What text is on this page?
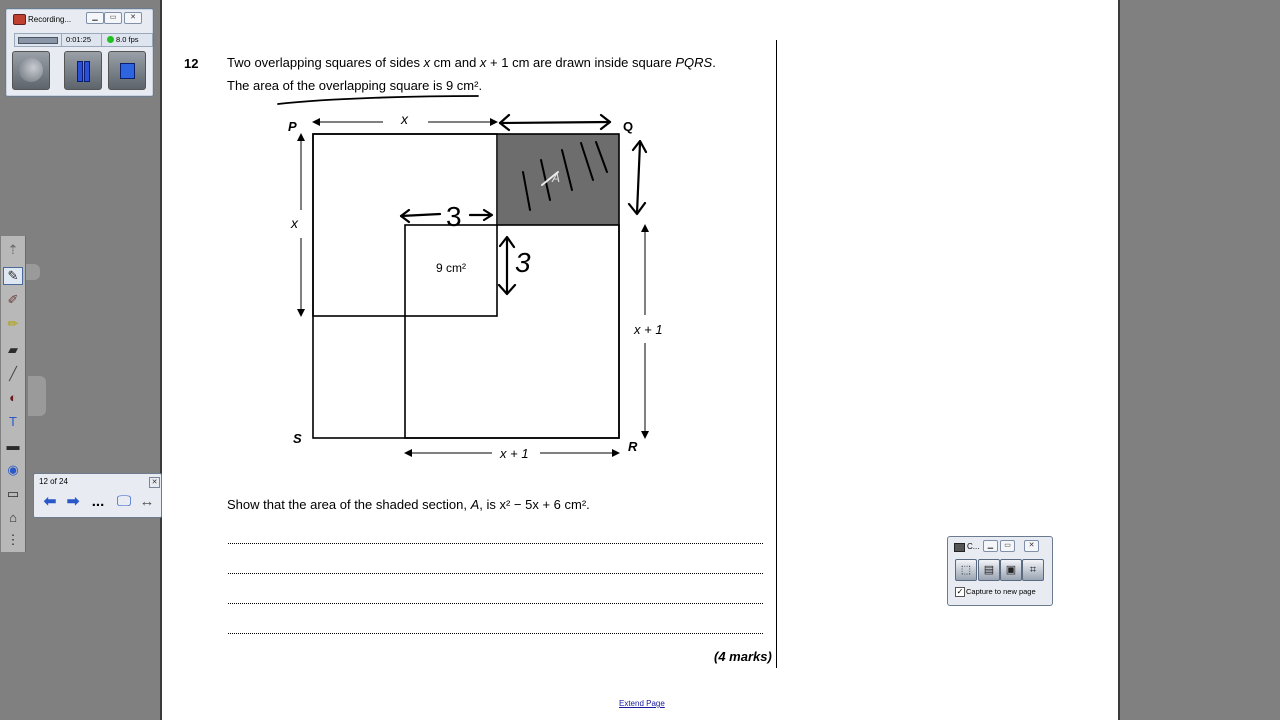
12 Two overlapping squares of sides x cm and x + 1 cm are drawn inside square PQRS.
The area of the overlapping square is 9 cm².
Show that the area of the shaded section, A, is x² − 5x + 6 cm².
(4 marks)
Extend Page
P	Q
R
S
x
x
x + 1
x + 1
9 cm²
A
3
3
Recording...	▁	▭	✕
0:01:25	8.0 fps
⇡
✎
✐
✏
▰
╱
◐
T
▬
◉
▭
⌂
⋮
12 of 24	✕
⬅ ➡ ... 🖵 ↔
C...	▁	▭	✕
⬚	▤	▣	⌗
✓ Capture to new page
